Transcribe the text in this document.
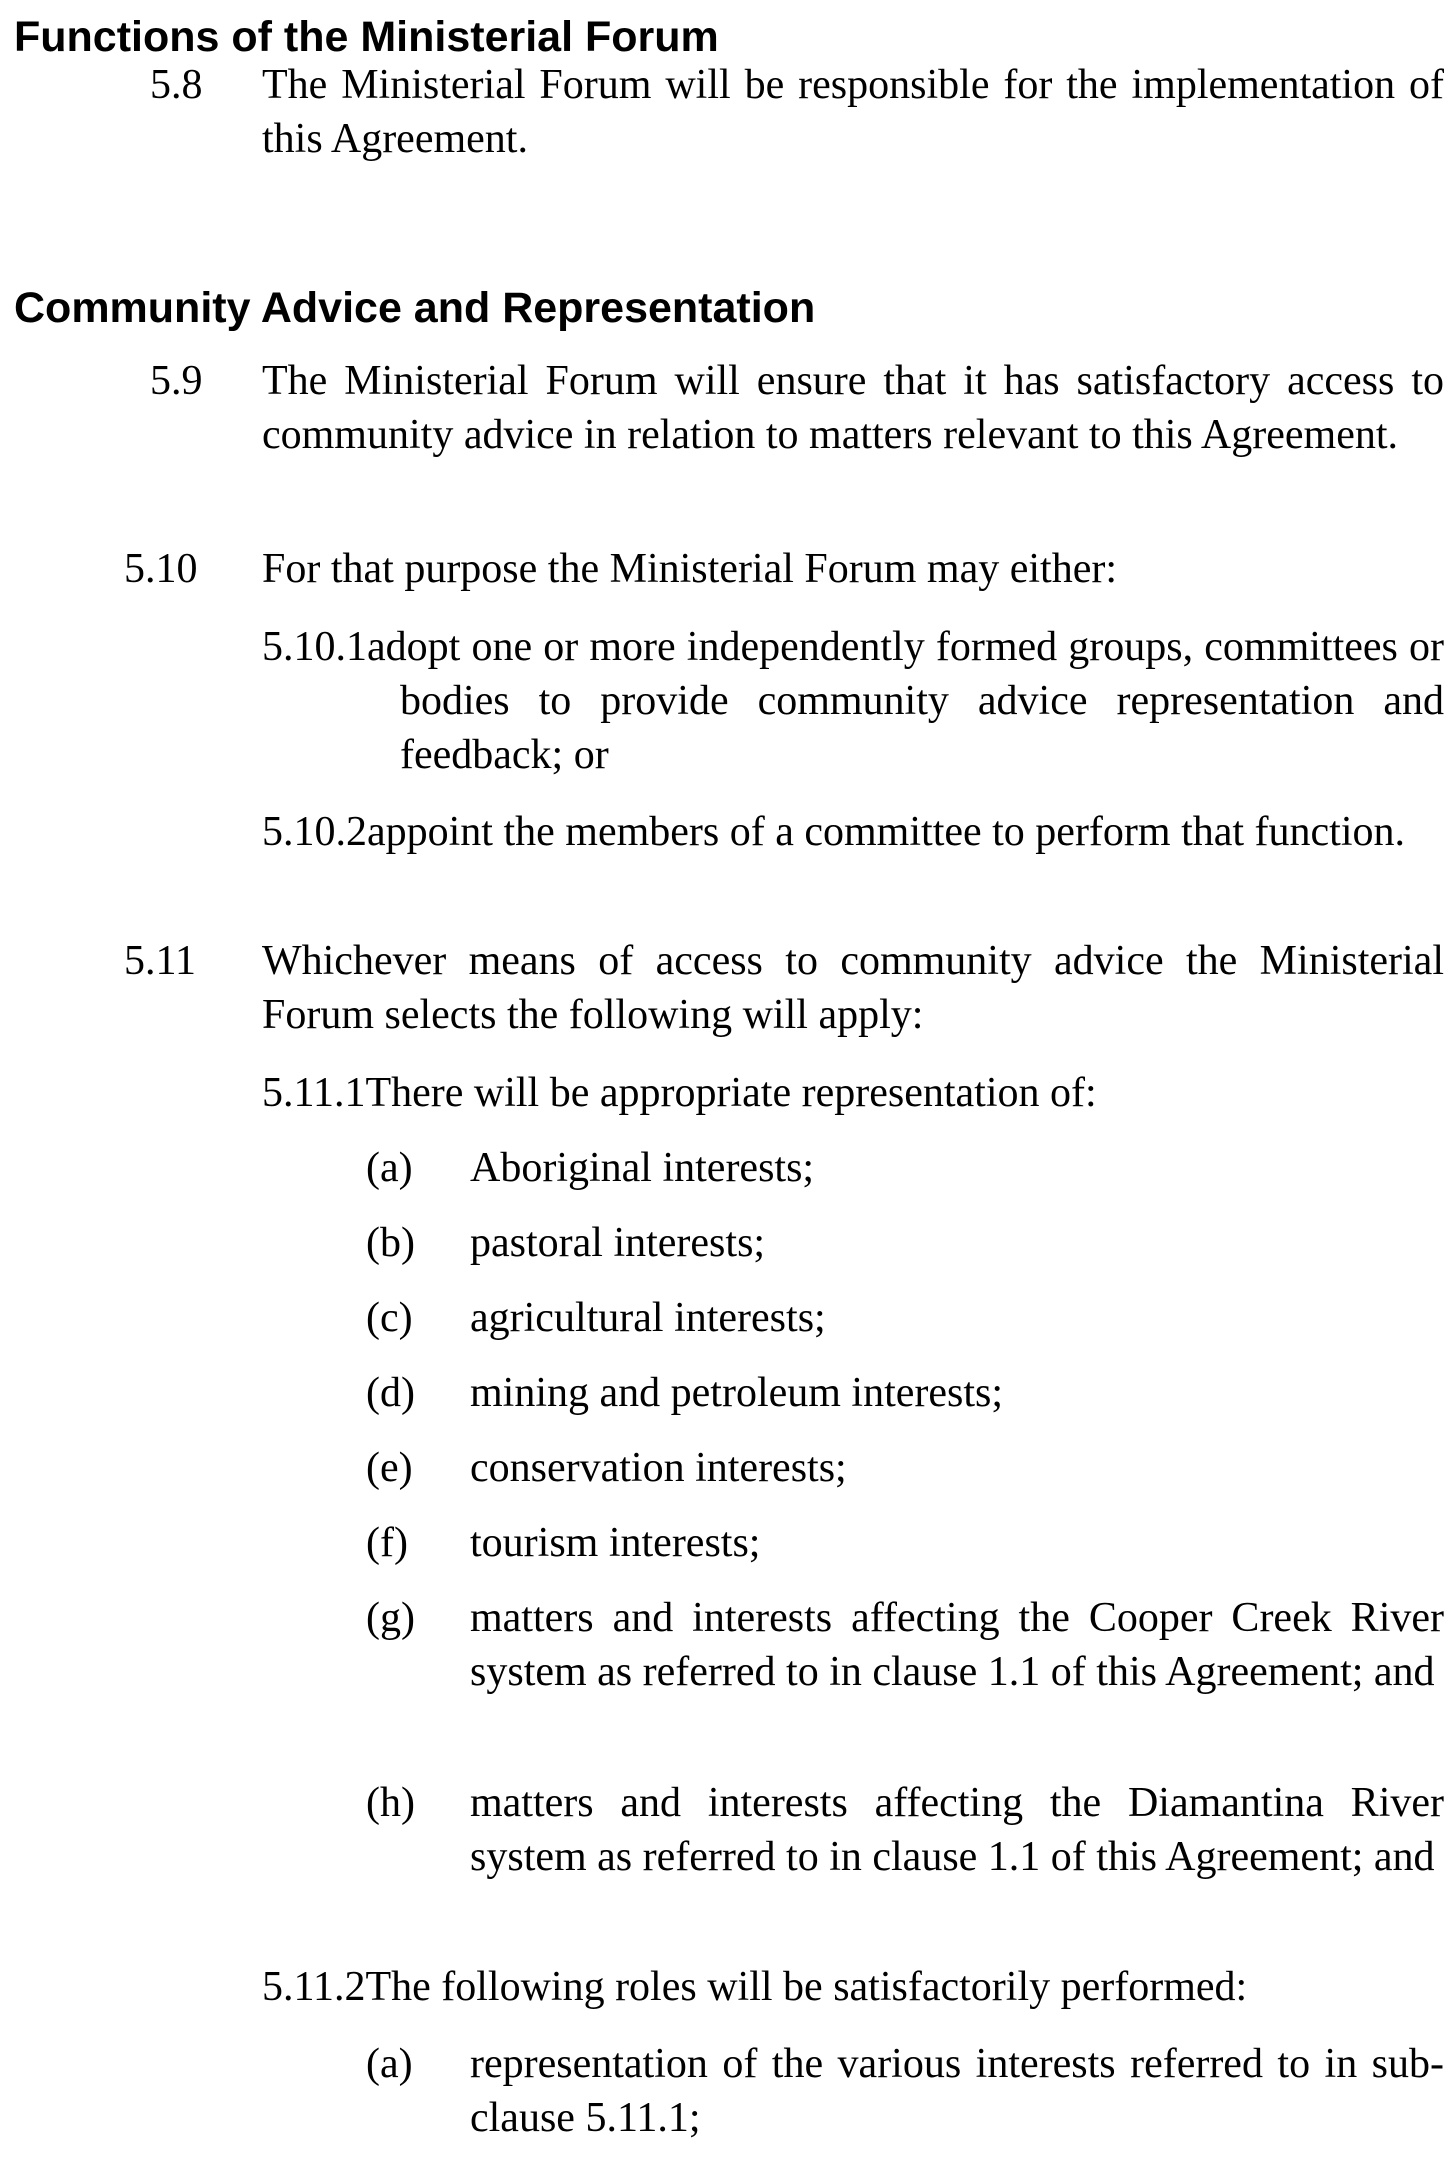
Functions of the Ministerial Forum
5.8 The Ministerial Forum will be responsible for the implementation of this Agreement.
Community Advice and Representation
5.9 The Ministerial Forum will ensure that it has satisfactory access to community advice in relation to matters relevant to this Agreement.
5.10 For that purpose the Ministerial Forum may either:
5.10.1adopt one or more independently formed groups, committees or bodies to provide community advice representation and feedback; or
5.10.2appoint the members of a committee to perform that function.
5.11 Whichever means of access to community advice the Ministerial Forum selects the following will apply:
5.11.1There will be appropriate representation of:
(a) Aboriginal interests;
(b) pastoral interests;
(c) agricultural interests;
(d) mining and petroleum interests;
(e) conservation interests;
(f) tourism interests;
(g) matters and interests affecting the Cooper Creek River system as referred to in clause 1.1 of this Agreement; and
(h) matters and interests affecting the Diamantina River system as referred to in clause 1.1 of this Agreement; and
5.11.2The following roles will be satisfactorily performed:
(a) representation of the various interests referred to in sub-clause 5.11.1;
